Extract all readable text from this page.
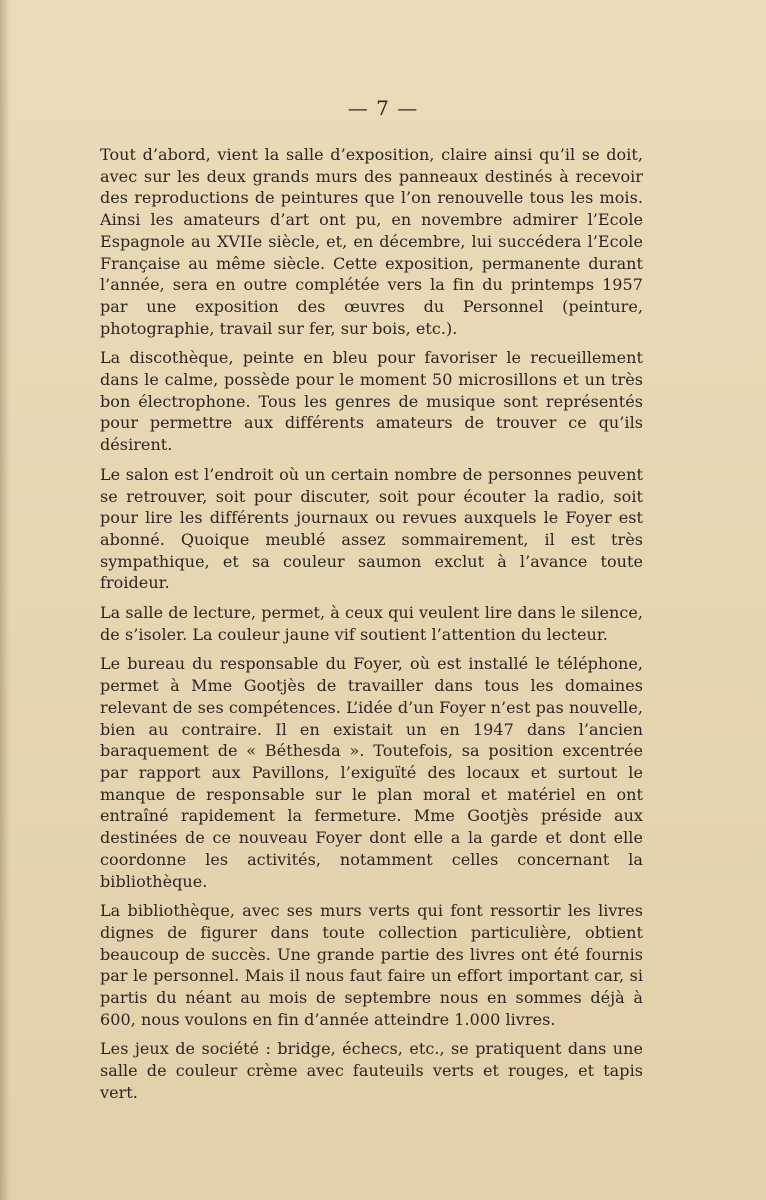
— 7 —

Tout d’abord, vient la salle d’exposition, claire ainsi qu’il se doit, avec sur les deux grands murs des panneaux destinés à recevoir des reproductions de peintures que l’on renouvelle tous les mois. Ainsi les amateurs d’art ont pu, en novembre admirer l’Ecole Espagnole au XVIIe siècle, et, en décembre, lui succédera l’Ecole Française au même siècle. Cette exposition, permanente durant l’année, sera en outre complétée vers la fin du printemps 1957 par une exposition des œuvres du Personnel (peinture, photographie, travail sur fer, sur bois, etc.).

La discothèque, peinte en bleu pour favoriser le recueillement dans le calme, possède pour le moment 50 microsillons et un très bon électrophone. Tous les genres de musique sont représentés pour permettre aux différents amateurs de trouver ce qu’ils désirent.

Le salon est l’endroit où un certain nombre de personnes peuvent se retrouver, soit pour discuter, soit pour écouter la radio, soit pour lire les différents journaux ou revues auxquels le Foyer est abonné. Quoique meublé assez sommairement, il est très sympathique, et sa couleur saumon exclut à l’avance toute froideur.

La salle de lecture, permet, à ceux qui veulent lire dans le silence, de s’isoler. La couleur jaune vif soutient l’attention du lecteur.

Le bureau du responsable du Foyer, où est installé le téléphone, permet à Mme Gootjès de travailler dans tous les domaines relevant de ses compétences. L’idée d’un Foyer n’est pas nouvelle, bien au contraire. Il en existait un en 1947 dans l’ancien baraquement de « Béthesda ». Toutefois, sa position excentrée par rapport aux Pavillons, l’exiguïté des locaux et surtout le manque de responsable sur le plan moral et matériel en ont entraîné rapidement la fermeture. Mme Gootjès préside aux destinées de ce nouveau Foyer dont elle a la garde et dont elle coordonne les activités, notamment celles concernant la bibliothèque.

La bibliothèque, avec ses murs verts qui font ressortir les livres dignes de figurer dans toute collection particulière, obtient beaucoup de succès. Une grande partie des livres ont été fournis par le personnel. Mais il nous faut faire un effort important car, si partis du néant au mois de septembre nous en sommes déjà à 600, nous voulons en fin d’année atteindre 1.000 livres.

Les jeux de société : bridge, échecs, etc., se pratiquent dans une salle de couleur crème avec fauteuils verts et rouges, et tapis vert.
